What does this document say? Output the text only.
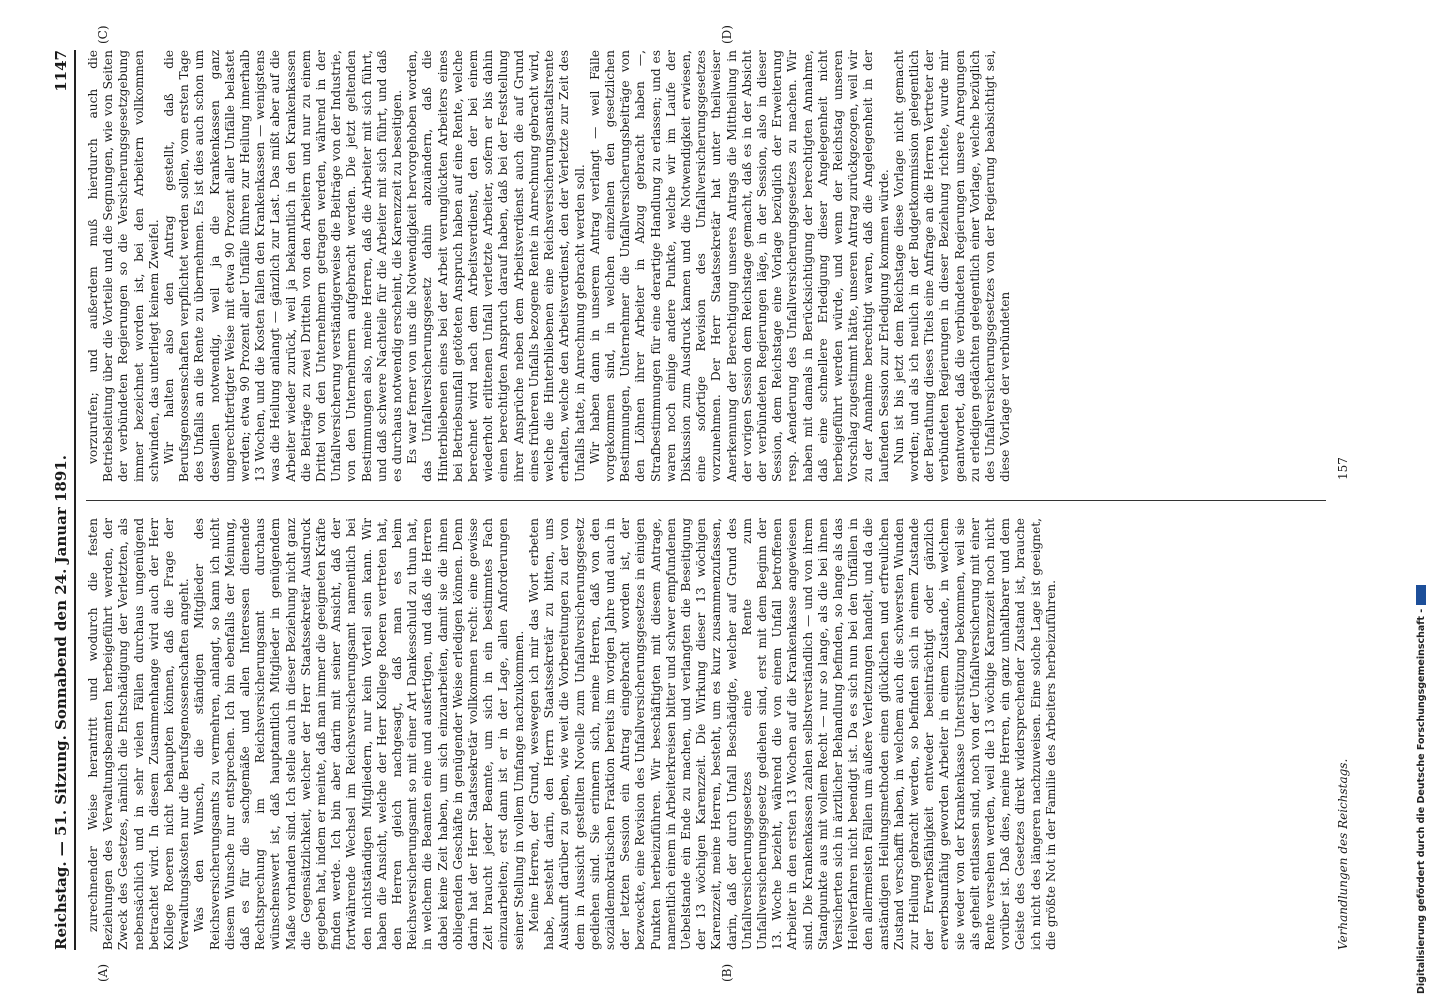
Reichstag. — 51. Sitzung. Sonnabend den 24. Januar 1891.
1147
(A)	(B)
(C)	(D)

zurechnender Weise herantritt und wodurch die festen Beziehungen des Verwaltungsbeamten herbeigeführt werden, der Zweck des Gesetzes, nämlich die Entschädigung der Verletzten, als nebensächlich und in sehr vielen Fällen durchaus ungenügend betrachtet wird. In diesem Zusammenhange wird auch der Herr Kollege Roeren nicht behaupten können, daß die Frage der Verwaltungskosten nur die Berufsgenossenschaften angeht. Was den Wunsch, die ständigen Mitglieder des Reichsversicherungsamts zu vermehren, anlangt, so kann ich nicht diesem Wunsche nur entsprechen. Ich bin ebenfalls der Meinung, daß es für die sachgemäße und allen Interessen dienende Rechtsprechung im Reichsversicherungsamt durchaus wünschenswert ist, daß hauptamtlich Mitglieder in genügendem Maße vorhanden sind. Ich stelle auch in dieser Beziehung nicht ganz die Gegensätzlichkeit, welcher der Herr Staatssekretär Ausdruck gegeben hat, indem er meinte, daß man immer die geeigneten Kräfte finden werde. Ich bin aber darin mit seiner Ansicht, daß der fortwährende Wechsel im Reichsversicherungsamt namentlich bei den nichtständigen Mitgliedern, nur kein Vorteil sein kann. Wir haben die Ansicht, welche der Herr Kollege Roeren vertreten hat, den Herren gleich nachgesagt, daß man es beim Reichsversicherungsamt so mit einer Art Dankesschuld zu thun hat, in welchem die Beamten eine und ausfertigen, und daß die Herren dabei keine Zeit haben, um sich einzuarbeiten, damit sie die ihnen obliegenden Geschäfte in genügender Weise erledigen können. Denn darin hat der Herr Staatssekretär vollkommen recht: eine gewisse Zeit braucht jeder Beamte, um sich in ein bestimmtes Fach einzuarbeiten; erst dann ist er in der Lage, allen Anforderungen seiner Stellung in vollem Umfange nachzukommen. Meine Herren, der Grund, weswegen ich mir das Wort erbeten habe, besteht darin, den Herrn Staatssekretär zu bitten, uns Auskunft darüber zu geben, wie weit die Vorbereitungen zu der von dem in Aussicht gestellten Novelle zum Unfallversicherungsgesetz gediehen sind. Sie erinnern sich, meine Herren, daß von den sozialdemokratischen Fraktion bereits im vorigen Jahre und auch in der letzten Session ein Antrag eingebracht worden ist, der bezweckte, eine Revision des Unfallversicherungsgesetzes in einigen Punkten herbeizuführen. Wir beschäftigten mit diesem Antrage, namentlich einem in Arbeiterkreisen bitter und schwer empfundenen Uebelstande ein Ende zu machen, und verlangten die Beseitigung der 13 wöchigen Karenzzeit. Die Wirkung dieser 13 wöchigen Karenzzeit, meine Herren, besteht, um es kurz zusammenzufassen, darin, daß der durch Unfall Beschädigte, welcher auf Grund des Unfallversicherungsgesetzes eine Rente zum Unfallversicherungsgesetz gediehen sind, erst mit dem Beginn der 13. Woche bezieht, während die von einem Unfall betroffenen Arbeiter in den ersten 13 Wochen auf die Krankenkasse angewiesen sind. Die Krankenkassen zahlen selbstverständlich — und von ihrem Standpunkte aus mit vollem Recht — nur so lange, als die bei ihnen Versicherten sich in ärztlicher Behandlung befinden, so lange als das Heilverfahren nicht beendigt ist. Da es sich nun bei den Unfällen in den allermeisten Fällen um äußere Verletzungen handelt, und da die anständigen Heilungsmethoden einen glücklichen und erfreulichen Zustand verschafft haben, in welchem auch die schwersten Wunden zur Heilung gebracht werden, so befinden sich in einem Zustande der Erwerbsfähigkeit entweder beeinträchtigt oder gänzlich erwerbsunfähig geworden Arbeiter in einem Zustande, in welchem sie weder von der Krankenkasse Unterstützung bekommen, weil sie als geheilt entlassen sind, noch von der Unfallversicherung mit einer Rente versehen werden, weil die 13 wöchige Karenzzeit noch nicht vorüber ist. Daß dies, meine Herren, ein ganz unhaltbarer und dem Geiste des Gesetzes direkt widersprechender Zustand ist, brauche ich nicht des längeren nachzuweisen. Eine solche Lage ist geeignet, die größte Not in der Familie des Arbeiters herbeizuführen.

vorzurufen; und außerdem muß hierdurch auch die Betriebsleitung über die Vorteile und die Segnungen, wie von Seiten der verbündeten Regierungen so die Versicherungsgesetzgebung immer bezeichnet worden ist, bei den Arbeitern vollkommen schwinden, das unterliegt keinem Zweifel. Wir halten also den Antrag gestellt, daß die Berufsgenossenschaften verpflichtet werden sollen, vom ersten Tage des Unfalls an die Rente zu übernehmen. Es ist dies auch schon um deswillen notwendig, weil ja die Krankenkassen ganz ungerechtfertigter Weise mit etwa 90 Prozent aller Unfälle belastet werden; etwa 90 Prozent aller Unfälle führen zur Heilung innerhalb 13 Wochen, und die Kosten fallen den Krankenkassen — wenigstens was die Heilung anlangt — gänzlich zur Last. Das mißt aber auf die Arbeiter wieder zurück, weil ja bekanntlich in den Krankenkassen die Beiträge zu zwei Dritteln von den Arbeitern und nur zu einem Drittel von den Unternehmern getragen werden, während in der Unfallversicherung verständigerweise die Beiträge von der Industrie, von den Unternehmern aufgebracht werden. Die jetzt geltenden Bestimmungen also, meine Herren, daß die Arbeiter mit sich führt, und daß schwere Nachteile für die Arbeiter mit sich führt, und daß es durchaus notwendig erscheint, die Karenzzeit zu beseitigen. Es war ferner von uns die Notwendigkeit hervorgehoben worden, das Unfallversicherungsgesetz dahin abzuändern, daß die Hinterbliebenen eines bei der Arbeit verunglückten Arbeiters eines bei Betriebsunfall getöteten Anspruch haben auf eine Rente, welche berechnet wird nach dem Arbeitsverdienst, den der bei einem wiederholt erlittenen Unfall verletzte Arbeiter, sofern er bis dahin einen berechtigten Anspruch darauf haben, daß bei der Feststellung ihrer Ansprüche neben dem Arbeitsverdienst auch die auf Grund eines früheren Unfalls bezogene Rente in Anrechnung gebracht wird, welche die Hinterbliebenen eine Reichsversicherungsanstaltsrente erhalten, welche den Arbeitsverdienst, den der Verletzte zur Zeit des Unfalls hatte, in Anrechnung gebracht werden soll. Wir haben dann in unserem Antrag verlangt — weil Fälle vorgekommen sind, in welchen einzelnen den gesetzlichen Bestimmungen, Unternehmer die Unfallversicherungsbeiträge von den Löhnen ihrer Arbeiter in Abzug gebracht haben —, Strafbestimmungen für eine derartige Handlung zu erlassen; und es waren noch einige andere Punkte, welche wir im Laufe der Diskussion zum Ausdruck kamen und die Notwendigkeit erwiesen, eine sofortige Revision des Unfallversicherungsgesetzes vorzunehmen. Der Herr Staatssekretär hat unter theilweiser Anerkennung der Berechtigung unseres Antrags die Mittheilung in der vorigen Session dem Reichstage gemacht, daß es in der Absicht der verbündeten Regierungen läge, in der Session, also in dieser Session, dem Reichstage eine Vorlage bezüglich der Erweiterung resp. Aenderung des Unfallversicherungsgesetzes zu machen. Wir haben mit damals in Berücksichtigung der berechtigten Annahme, daß eine schnellere Erledigung dieser Angelegenheit nicht herbeigeführt werden würde, und wenn der Reichstag unseren Vorschlag zugestimmt hätte, unseren Antrag zurückgezogen, weil wir zu der Annahme berechtigt waren, daß die Angelegenheit in der laufenden Session zur Erledigung kommen würde. Nun ist bis jetzt dem Reichstage diese Vorlage nicht gemacht worden; und als ich neulich in der Budgetkommission gelegentlich der Berathung dieses Titels eine Anfrage an die Herren Vertreter der verbündeten Regierungen in dieser Beziehung richtete, wurde mir geantwortet, daß die verbündeten Regierungen unsere Anregungen zu erledigen gedächten gelegentlich einer Vorlage, welche bezüglich des Unfallversicherungsgesetzes von der Regierung beabsichtigt sei, diese Vorlage der verbündeten

Verhandlungen des Reichstags.
157
Digitalisierung gefördert durch die Deutsche Forschungsgemeinschaft -
